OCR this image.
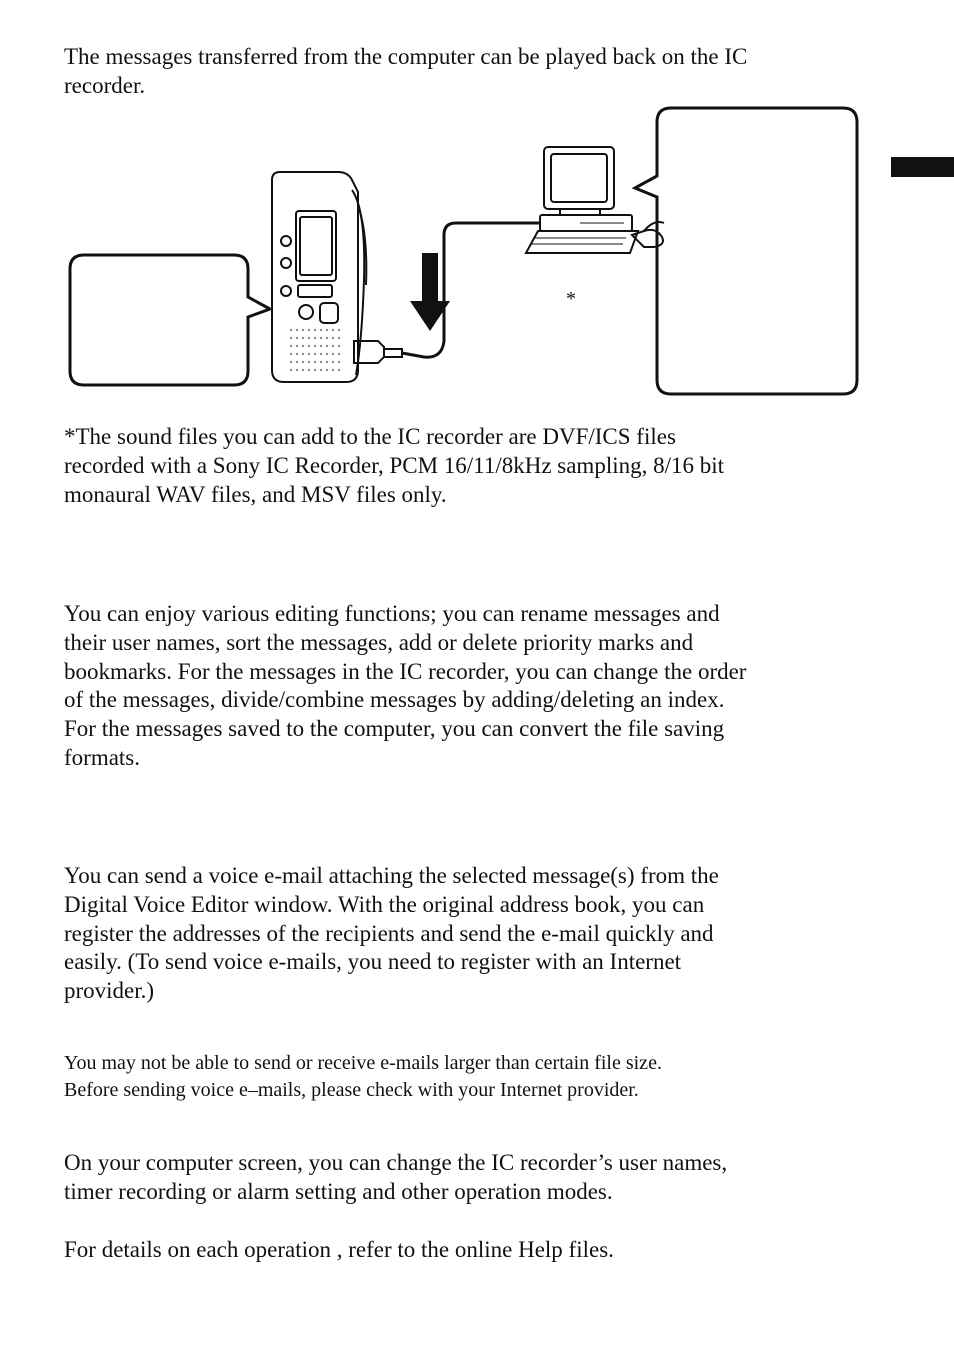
The messages transferred from the computer can be played back on the IC
recorder.

*

*The sound files you can add to the IC recorder are DVF/ICS files
recorded with a Sony IC Recorder, PCM 16/11/8kHz sampling, 8/16 bit
monaural WAV files, and MSV files only.

You can enjoy various editing functions; you can rename messages and
their user names, sort the messages, add or delete priority marks and
bookmarks. For the messages in the IC recorder, you can change the order
of the messages, divide/combine messages by adding/deleting an index.
For the messages saved to the computer, you can convert the file saving
formats.

You can send a voice e-mail attaching the selected message(s) from the
Digital Voice Editor window. With the original address book, you can
register the addresses of the recipients and send the e-mail quickly and
easily. (To send voice e-mails, you need to register with an Internet
provider.)

You may not be able to send or receive e-mails larger than certain file size.
Before sending voice e–mails, please check with your Internet provider.

On your computer screen, you can change the IC recorder’s user names,
timer recording or alarm setting and other operation modes.

For details on each operation , refer to the online Help files.
